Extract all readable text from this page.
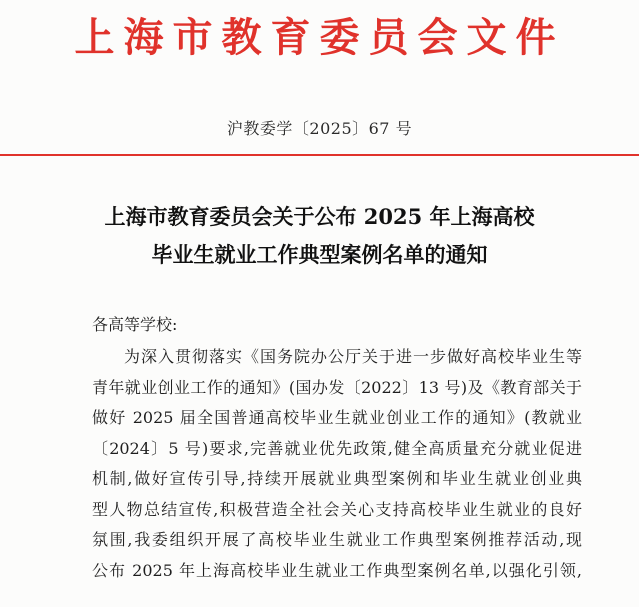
上海市教育委员会文件
沪教委学〔2025〕67 号
上海市教育委员会关于公布 2025 年上海高校
毕业生就业工作典型案例名单的通知
各高等学校:
为深入贯彻落实《国务院办公厅关于进一步做好高校毕业生等
青年就业创业工作的通知》(国办发〔2022〕13 号)及《教育部关于
做好 2025 届全国普通高校毕业生就业创业工作的通知》(教就业
〔2024〕5 号)要求,完善就业优先政策,健全高质量充分就业促进
机制,做好宣传引导,持续开展就业典型案例和毕业生就业创业典
型人物总结宣传,积极营造全社会关心支持高校毕业生就业的良好
氛围,我委组织开展了高校毕业生就业工作典型案例推荐活动,现
公布 2025 年上海高校毕业生就业工作典型案例名单,以强化引领,
